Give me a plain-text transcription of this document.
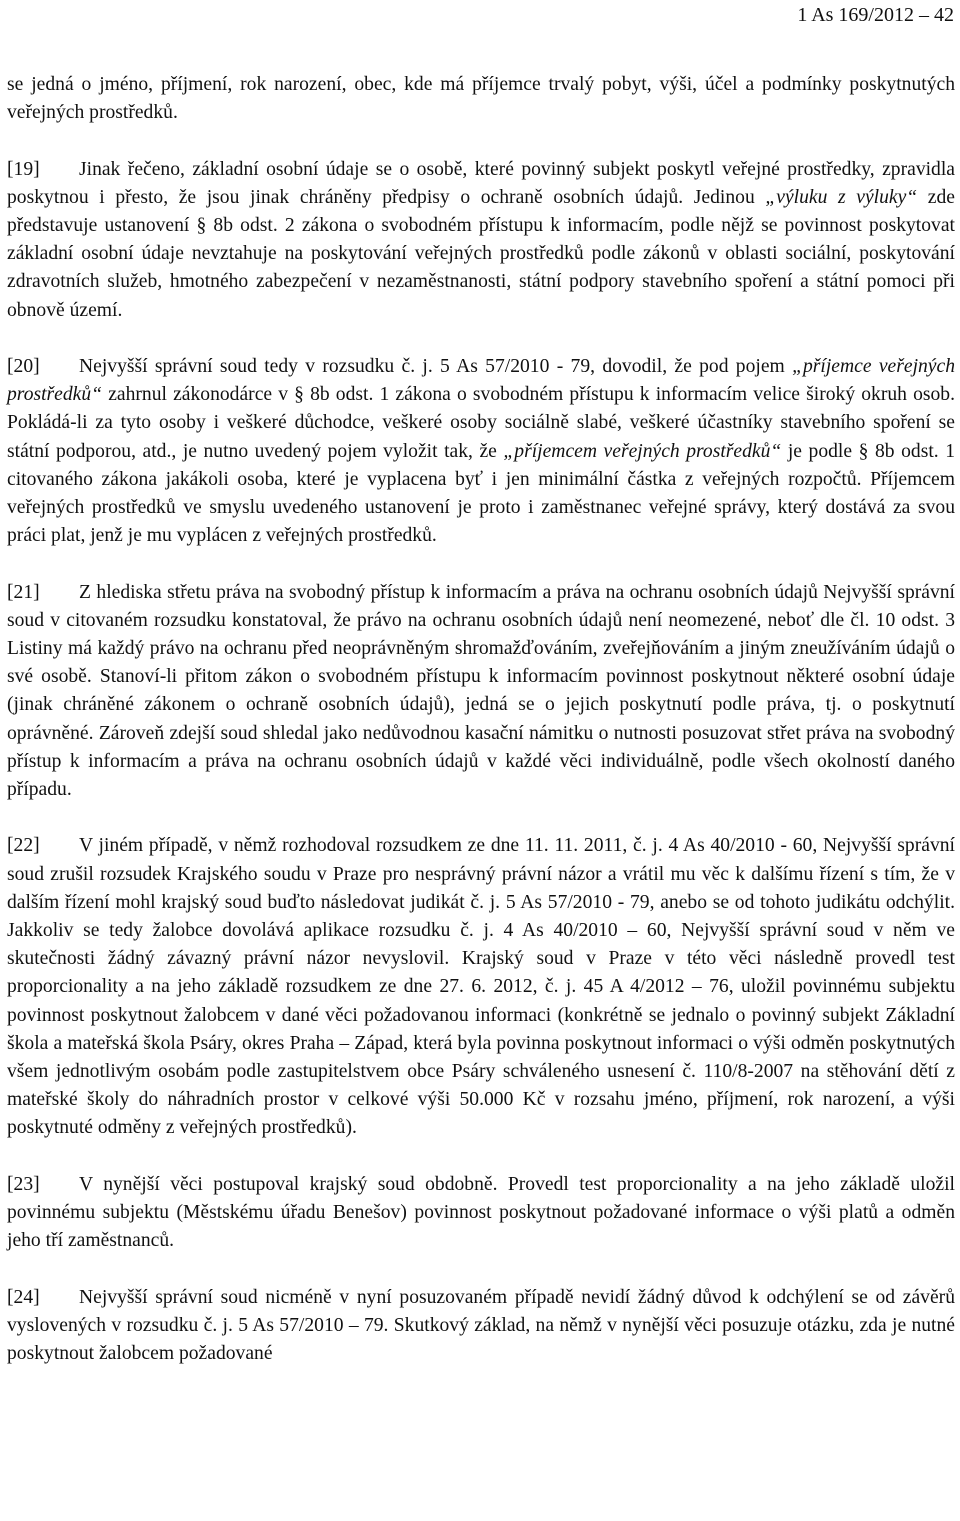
1 As 169/2012 – 42

se jedná o jméno, příjmení, rok narození, obec, kde má příjemce trvalý pobyt, výši, účel a podmínky poskytnutých veřejných prostředků.

[19] Jinak řečeno, základní osobní údaje se o osobě, které povinný subjekt poskytl veřejné prostředky, zpravidla poskytnou i přesto, že jsou jinak chráněny předpisy o ochraně osobních údajů. Jedinou „výluku z výluky“ zde představuje ustanovení § 8b odst. 2 zákona o svobodném přístupu k informacím, podle nějž se povinnost poskytovat základní osobní údaje nevztahuje na poskytování veřejných prostředků podle zákonů v oblasti sociální, poskytování zdravotních služeb, hmotného zabezpečení v nezaměstnanosti, státní podpory stavebního spoření a státní pomoci při obnově území.

[20] Nejvyšší správní soud tedy v rozsudku č. j. 5 As 57/2010 - 79, dovodil, že pod pojem „příjemce veřejných prostředků“ zahrnul zákonodárce v § 8b odst. 1 zákona o svobodném přístupu k informacím velice široký okruh osob. Pokládá-li za tyto osoby i veškeré důchodce, veškeré osoby sociálně slabé, veškeré účastníky stavebního spoření se státní podporou, atd., je nutno uvedený pojem vyložit tak, že „příjemcem veřejných prostředků“ je podle § 8b odst. 1 citovaného zákona jakákoli osoba, které je vyplacena byť i jen minimální částka z veřejných rozpočtů. Příjemcem veřejných prostředků ve smyslu uvedeného ustanovení je proto i zaměstnanec veřejné správy, který dostává za svou práci plat, jenž je mu vyplácen z veřejných prostředků.

[21] Z hlediska střetu práva na svobodný přístup k informacím a práva na ochranu osobních údajů Nejvyšší správní soud v citovaném rozsudku konstatoval, že právo na ochranu osobních údajů není neomezené, neboť dle čl. 10 odst. 3 Listiny má každý právo na ochranu před neoprávněným shromažďováním, zveřejňováním a jiným zneužíváním údajů o své osobě. Stanoví-li přitom zákon o svobodném přístupu k informacím povinnost poskytnout některé osobní údaje (jinak chráněné zákonem o ochraně osobních údajů), jedná se o jejich poskytnutí podle práva, tj. o poskytnutí oprávněné. Zároveň zdejší soud shledal jako nedůvodnou kasační námitku o nutnosti posuzovat střet práva na svobodný přístup k informacím a práva na ochranu osobních údajů v každé věci individuálně, podle všech okolností daného případu.

[22] V jiném případě, v němž rozhodoval rozsudkem ze dne 11. 11. 2011, č. j. 4 As 40/2010 - 60, Nejvyšší správní soud zrušil rozsudek Krajského soudu v Praze pro nesprávný právní názor a vrátil mu věc k dalšímu řízení s tím, že v dalším řízení mohl krajský soud buďto následovat judikát č. j. 5 As 57/2010 - 79, anebo se od tohoto judikátu odchýlit. Jakkoliv se tedy žalobce dovolává aplikace rozsudku č. j. 4 As 40/2010 – 60, Nejvyšší správní soud v něm ve skutečnosti žádný závazný právní názor nevyslovil. Krajský soud v Praze v této věci následně provedl test proporcionality a na jeho základě rozsudkem ze dne 27. 6. 2012, č. j. 45 A 4/2012 – 76, uložil povinnému subjektu povinnost poskytnout žalobcem v dané věci požadovanou informaci (konkrétně se jednalo o povinný subjekt Základní škola a mateřská škola Psáry, okres Praha – Západ, která byla povinna poskytnout informaci o výši odměn poskytnutých všem jednotlivým osobám podle zastupitelstvem obce Psáry schváleného usnesení č. 110/8-2007 na stěhování dětí z mateřské školy do náhradních prostor v celkové výši 50.000 Kč v rozsahu jméno, příjmení, rok narození, a výši poskytnuté odměny z veřejných prostředků).

[23] V nynější věci postupoval krajský soud obdobně. Provedl test proporcionality a na jeho základě uložil povinnému subjektu (Městskému úřadu Benešov) povinnost poskytnout požadované informace o výši platů a odměn jeho tří zaměstnanců.

[24] Nejvyšší správní soud nicméně v nyní posuzovaném případě nevidí žádný důvod k odchýlení se od závěrů vyslovených v rozsudku č. j. 5 As 57/2010 – 79. Skutkový základ, na němž v nynější věci posuzuje otázku, zda je nutné poskytnout žalobcem požadované
